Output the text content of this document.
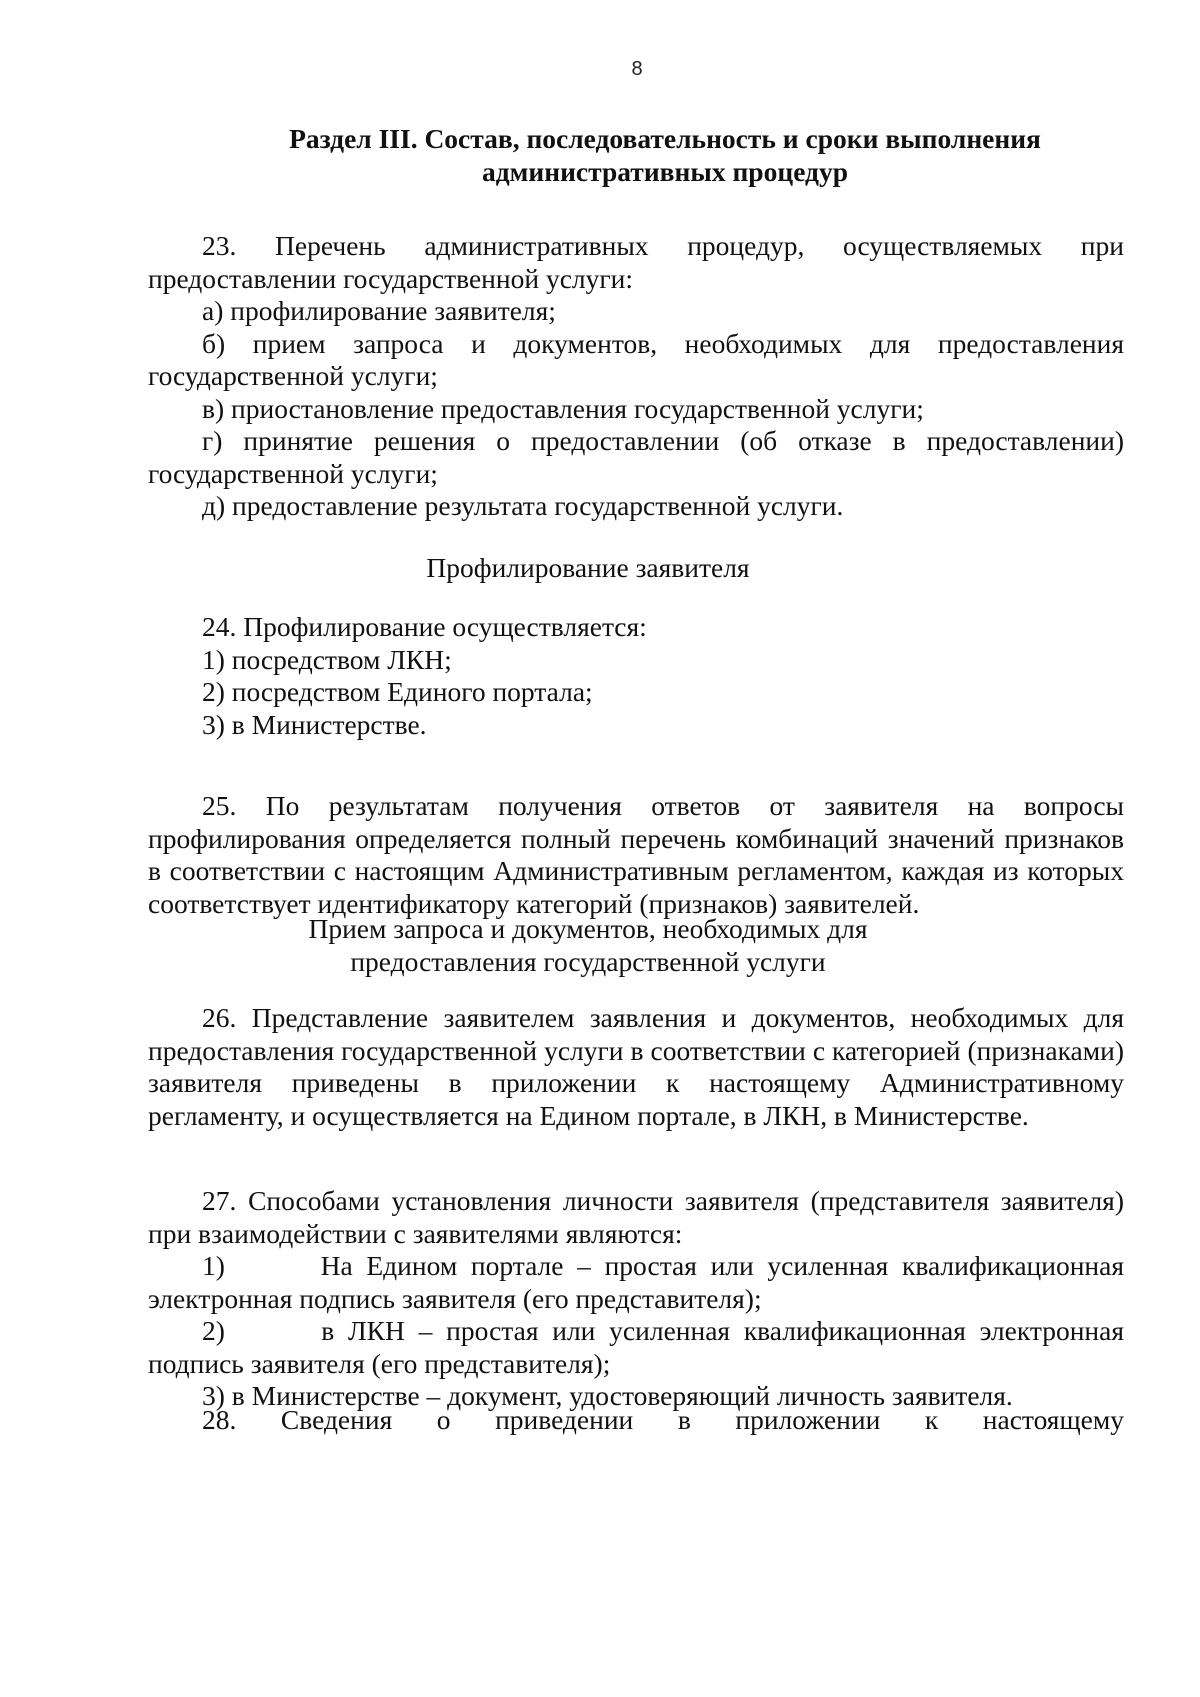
8
Раздел III. Состав, последовательность и сроки выполнения
административных процедур

23. Перечень административных процедур, осуществляемых при предоставлении государственной услуги:

а) профилирование заявителя;

б) прием запроса и документов, необходимых для предоставления государственной услуги;

в) приостановление предоставления государственной услуги;

г) принятие решения о предоставлении (об отказе в предоставлении) государственной услуги;

д) предоставление результата государственной услуги.

Профилирование заявителя

24. Профилирование осуществляется:

1) посредством ЛКН;

2) посредством Единого портала;

3) в Министерстве.

25. По результатам получения ответов от заявителя на вопросы профилирования определяется полный перечень комбинаций значений признаков в соответствии с настоящим Административным регламентом, каждая из которых соответствует идентификатору категорий (признаков) заявителей.

Прием запроса и документов, необходимых для
предоставления государственной услуги

26. Представление заявителем заявления и документов, необходимых для предоставления государственной услуги в соответствии с категорией (признаками) заявителя приведены в приложении к настоящему Административному регламенту, и осуществляется на Едином портале, в ЛКН, в Министерстве.

27. Способами установления личности заявителя (представителя заявителя) при взаимодействии с заявителями являются:

1)	На Едином портале – простая или усиленная квалификационная электронная подпись заявителя (его представителя);

2)	в ЛКН – простая или усиленная квалификационная электронная подпись заявителя (его представителя);

3) в Министерстве – документ, удостоверяющий личность заявителя.

28. Сведения о приведении в приложении к настоящему
